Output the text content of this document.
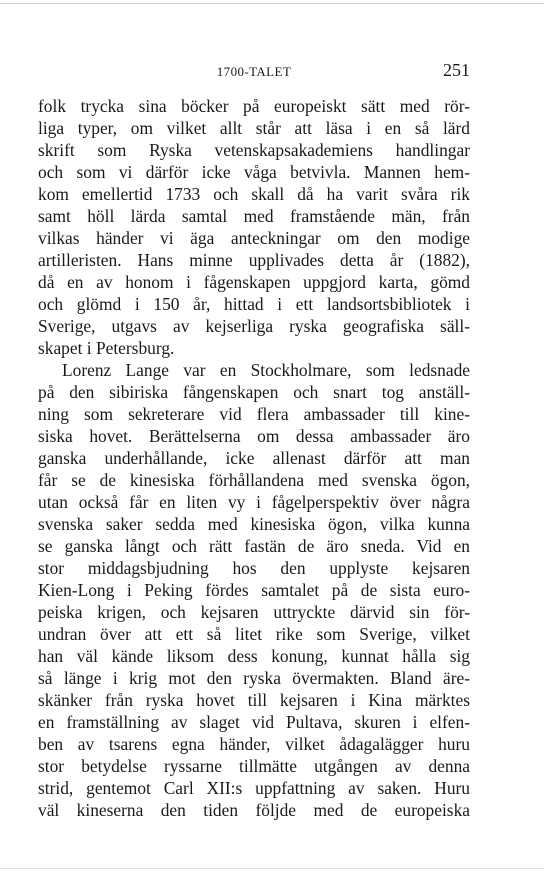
1700-TALET	251

folk trycka sina böcker på europeiskt sätt med rör-
liga typer, om vilket allt står att läsa i en så lärd
skrift som Ryska vetenskapsakademiens handlingar
och som vi därför icke våga betvivla. Mannen hem-
kom emellertid 1733 och skall då ha varit svåra rik
samt höll lärda samtal med framstående män, från
vilkas händer vi äga anteckningar om den modige
artilleristen. Hans minne upplivades detta år (1882),
då en av honom i fågenskapen uppgjord karta, gömd
och glömd i 150 år, hittad i ett landsortsbibliotek i
Sverige, utgavs av kejserliga ryska geografiska säll-
skapet i Petersburg.

Lorenz Lange var en Stockholmare, som ledsnade
på den sibiriska fångenskapen och snart tog anställ-
ning som sekreterare vid flera ambassader till kine-
siska hovet. Berättelserna om dessa ambassader äro
ganska underhållande, icke allenast därför att man
får se de kinesiska förhållandena med svenska ögon,
utan också får en liten vy i fågelperspektiv över några
svenska saker sedda med kinesiska ögon, vilka kunna
se ganska långt och rätt fastän de äro sneda. Vid en
stor middagsbjudning hos den upplyste kejsaren
Kien-Long i Peking fördes samtalet på de sista euro-
peiska krigen, och kejsaren uttryckte därvid sin för-
undran över att ett så litet rike som Sverige, vilket
han väl kände liksom dess konung, kunnat hålla sig
så länge i krig mot den ryska övermakten. Bland äre-
skänker från ryska hovet till kejsaren i Kina märktes
en framställning av slaget vid Pultava, skuren i elfen-
ben av tsarens egna händer, vilket ådagalägger huru
stor betydelse ryssarne tillmätte utgången av denna
strid, gentemot Carl XII:s uppfattning av saken. Huru
väl kineserna den tiden följde med de europeiska
